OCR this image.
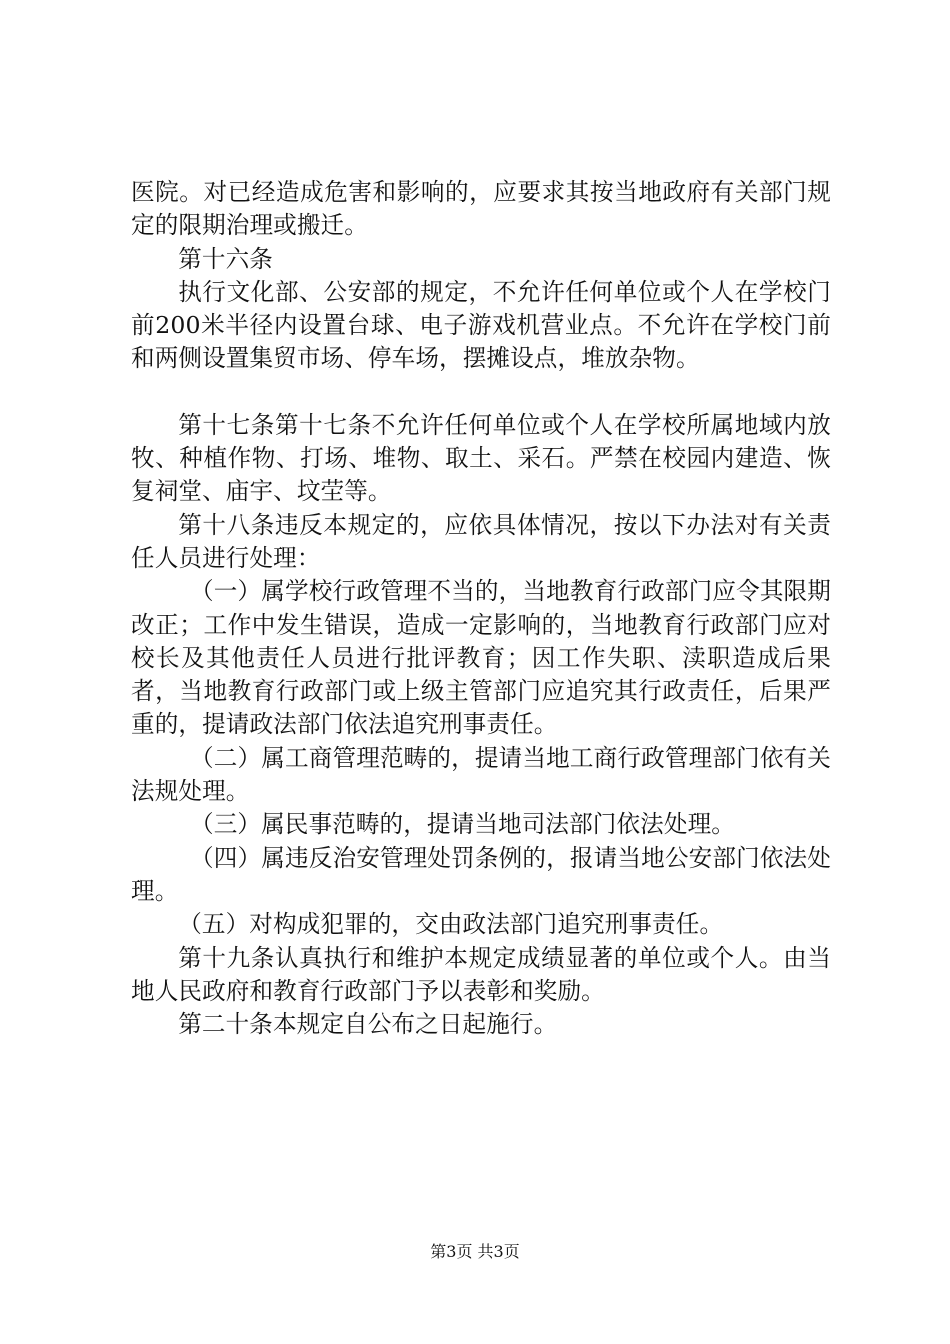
医院。对已经造成危害和影响的，应要求其按当地政府有关部门规定的限期治理或搬迁。

第十六条

执行文化部、公安部的规定，不允许任何单位或个人在学校门前200米半径内设置台球、电子游戏机营业点。不允许在学校门前和两侧设置集贸市场、停车场，摆摊设点，堆放杂物。

第十七条第十七条不允许任何单位或个人在学校所属地域内放牧、种植作物、打场、堆物、取土、采石。严禁在校园内建造、恢复祠堂、庙宇、坟茔等。

第十八条违反本规定的，应依具体情况，按以下办法对有关责任人员进行处理：

（一）属学校行政管理不当的，当地教育行政部门应令其限期改正；工作中发生错误，造成一定影响的，当地教育行政部门应对校长及其他责任人员进行批评教育；因工作失职、渎职造成后果者，当地教育行政部门或上级主管部门应追究其行政责任，后果严重的，提请政法部门依法追究刑事责任。

（二）属工商管理范畴的，提请当地工商行政管理部门依有关法规处理。

（三）属民事范畴的，提请当地司法部门依法处理。

（四）属违反治安管理处罚条例的，报请当地公安部门依法处理。

（五）对构成犯罪的，交由政法部门追究刑事责任。

第十九条认真执行和维护本规定成绩显著的单位或个人。由当地人民政府和教育行政部门予以表彰和奖励。

第二十条本规定自公布之日起施行。

第3页 共3页
